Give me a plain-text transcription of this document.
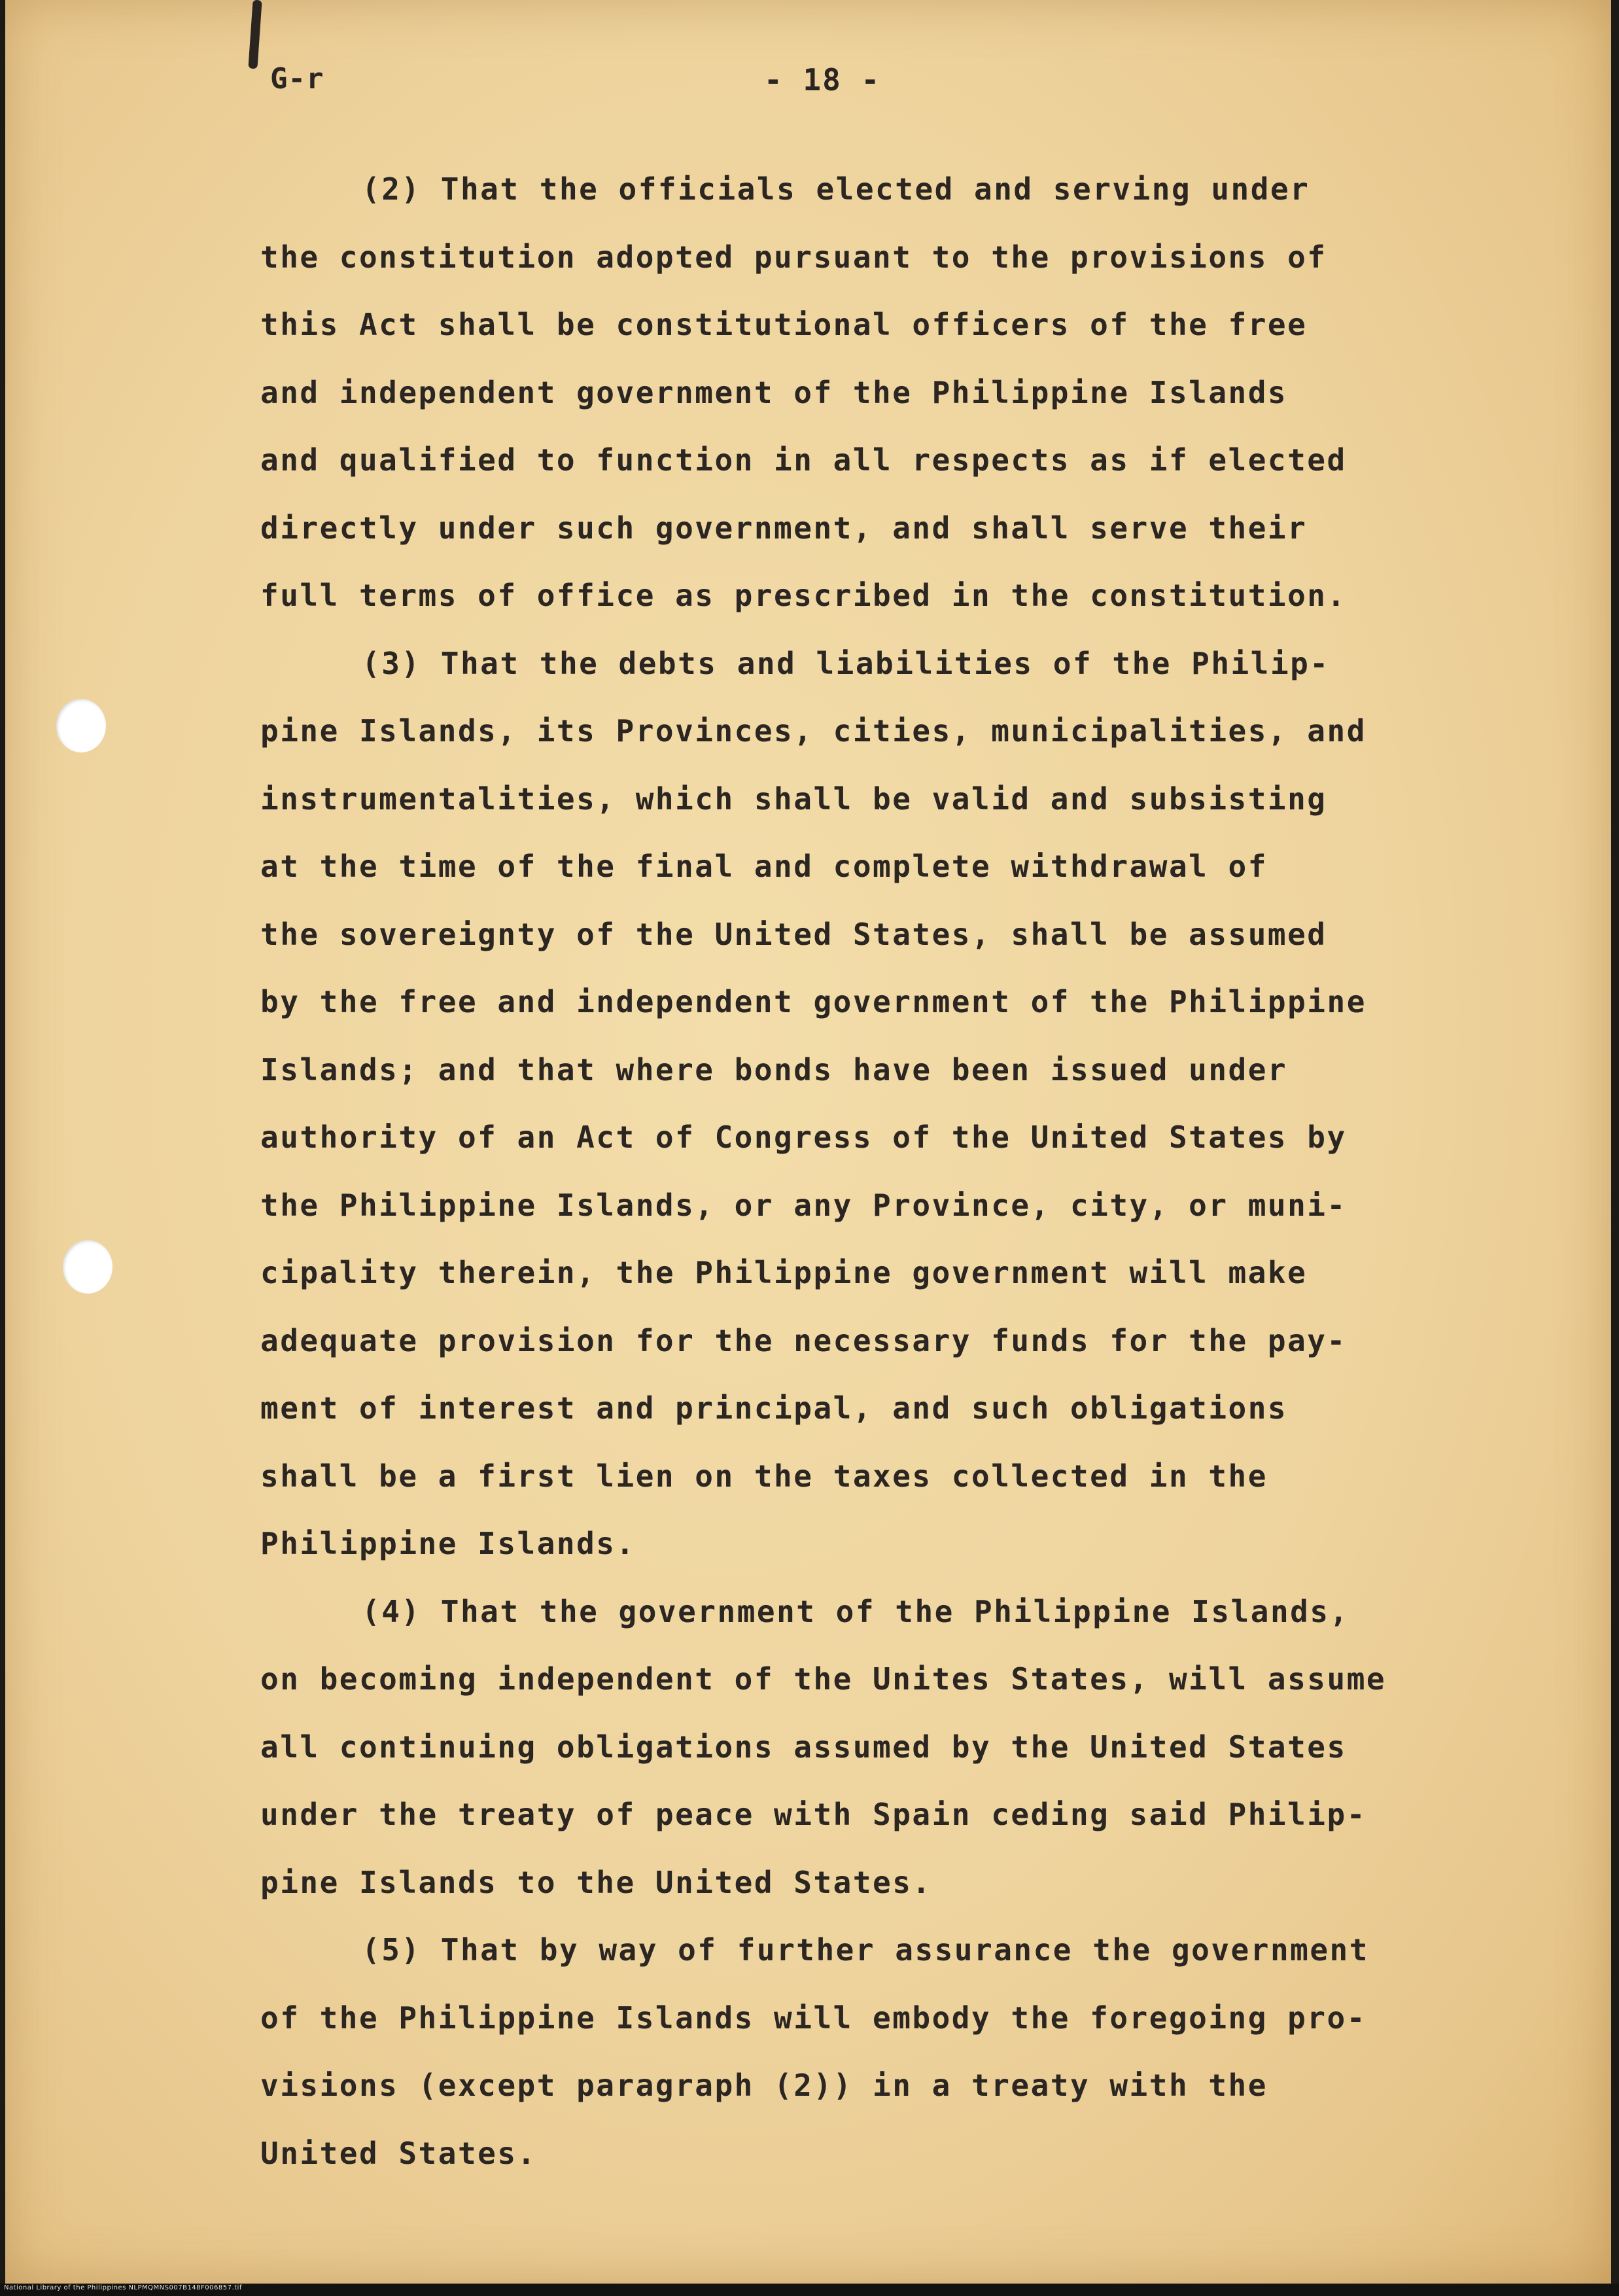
G-r	- 18 -
(2) That the officials elected and serving under
the constitution adopted pursuant to the provisions of
this Act shall be constitutional officers of the free
and independent government of the Philippine Islands
and qualified to function in all respects as if elected
directly under such government, and shall serve their
full terms of office as prescribed in the constitution.
(3) That the debts and liabilities of the Philip-
pine Islands, its Provinces, cities, municipalities, and
instrumentalities, which shall be valid and subsisting
at the time of the final and complete withdrawal of
the sovereignty of the United States, shall be assumed
by the free and independent government of the Philippine
Islands; and that where bonds have been issued under
authority of an Act of Congress of the United States by
the Philippine Islands, or any Province, city, or muni-
cipality therein, the Philippine government will make
adequate provision for the necessary funds for the pay-
ment of interest and principal, and such obligations
shall be a first lien on the taxes collected in the
Philippine Islands.
(4) That the government of the Philippine Islands,
on becoming independent of the Unites States, will assume
all continuing obligations assumed by the United States
under the treaty of peace with Spain ceding said Philip-
pine Islands to the United States.
(5) That by way of further assurance the government
of the Philippine Islands will embody the foregoing pro-
visions (except paragraph (2)) in a treaty with the
United States.
National Library of the Philippines NLPMQMNS007B148F006857.tif
